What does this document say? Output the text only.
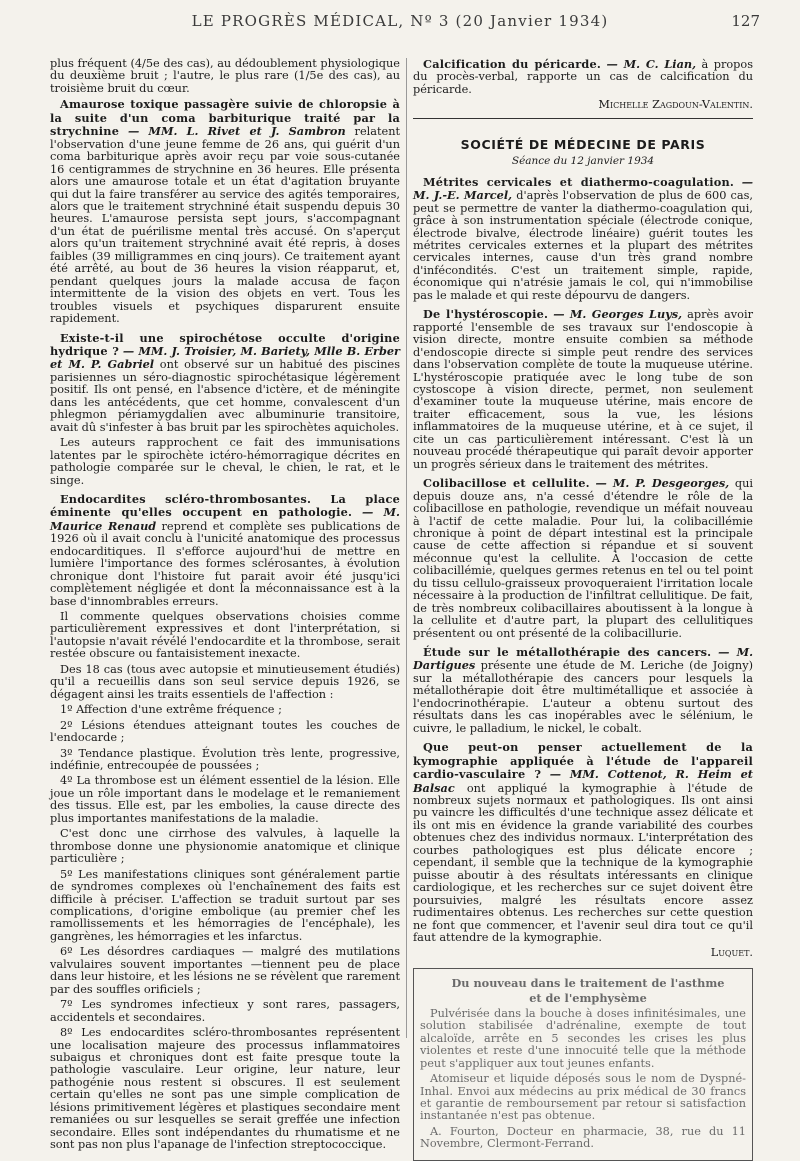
LE PROGRÈS MÉDICAL, Nº 3 (20 Janvier 1934)	127

plus fréquent (4/5e des cas), au dédoublement physiologique du deuxième bruit ; l'autre, le plus rare (1/5e des cas), au troisième bruit du cœur.

Amaurose toxique passagère suivie de chloropsie à la suite d'un coma barbiturique traité par la strychnine — MM. L. Rivet et J. Sambron relatent l'observation d'une jeune femme de 26 ans, qui guérit d'un coma barbiturique après avoir reçu par voie sous-cutanée 16 centigrammes de strychnine en 36 heures. Elle présenta alors une amaurose totale et un état d'agitation bruyante qui dut la faire transférer au service des agités temporaires, alors que le traitement strychniné était suspendu depuis 30 heures. L'amaurose persista sept jours, s'accompagnant d'un état de puérilisme mental très accusé. On s'aperçut alors qu'un traitement strychniné avait été repris, à doses faibles (39 milligrammes en cinq jours). Ce traitement ayant été arrêté, au bout de 36 heures la vision réapparut, et, pendant quelques jours la malade accusa de façon intermittente de la vision des objets en vert. Tous les troubles visuels et psychiques disparurent ensuite rapidement.

Existe-t-il une spirochétose occulte d'origine hydrique ? — MM. J. Troisier, M. Bariety, Mlle B. Erber et M. P. Gabriel ont observé sur un habitué des piscines parisiennes un séro-diagnostic spirochétasique légèrement positif. Ils ont pensé, en l'absence d'ictère, et de méningite dans les antécédents, que cet homme, convalescent d'un phlegmon périamygdalien avec albuminurie transitoire, avait dû s'infester à bas bruit par les spirochètes aquicholes.

Les auteurs rapprochent ce fait des immunisations latentes par le spirochète ictéro-hémorragique décrites en pathologie comparée sur le cheval, le chien, le rat, et le singe.

Endocardites scléro-thrombosantes. La place éminente qu'elles occupent en pathologie. — M. Maurice Renaud reprend et complète ses publications de 1926 où il avait conclu à l'unicité anatomique des processus endocarditiques. Il s'efforce aujourd'hui de mettre en lumière l'importance des formes sclérosantes, à évolution chronique dont l'histoire fut parait avoir été jusqu'ici complètement négligée et dont la méconnaissance est à la base d'innombrables erreurs.

Il commente quelques observations choisies comme particulièrement expressives et dont l'interprétation, si l'autopsie n'avait révélé l'endocardite et la thrombose, serait restée obscure ou fantaisistement inexacte.

Des 18 cas (tous avec autopsie et minutieusement étudiés) qu'il a recueillis dans son seul service depuis 1926, se dégagent ainsi les traits essentiels de l'affection :

1º Affection d'une extrême fréquence ;

2º Lésions étendues atteignant toutes les couches de l'endocarde ;

3º Tendance plastique. Évolution très lente, progressive, indéfinie, entrecoupée de poussées ;

4º La thrombose est un élément essentiel de la lésion. Elle joue un rôle important dans le modelage et le remaniement des tissus. Elle est, par les embolies, la cause directe des plus importantes manifestations de la maladie.

C'est donc une cirrhose des valvules, à laquelle la thrombose donne une physionomie anatomique et clinique particulière ;

5º Les manifestations cliniques sont généralement partie de syndromes complexes où l'enchaînement des faits est difficile à préciser. L'affection se traduit surtout par ses complications, d'origine embolique (au premier chef les ramollissements et les hémorragies de l'encéphale), les gangrènes, les hémorragies et les infarctus.

6º Les désordres cardiaques — malgré des mutilations valvulaires souvent importantes —tiennent peu de place dans leur histoire, et les lésions ne se révèlent que rarement par des souffles orificiels ;

7º Les syndromes infectieux y sont rares, passagers, accidentels et secondaires.

8º Les endocardites scléro-thrombosantes représentent une localisation majeure des processus inflammatoires subaigus et chroniques dont est faite presque toute la pathologie vasculaire. Leur origine, leur nature, leur pathogénie nous restent si obscures. Il est seulement certain qu'elles ne sont pas une simple complication de lésions primitivement légères et plastiques secondaire ment remaniées ou sur lesquelles se serait greffée une infection secondaire. Elles sont indépendantes du rhumatisme et ne sont pas non plus l'apanage de l'infection streptococcique.

Calcification du péricarde. — M. C. Lian, à propos du procès-verbal, rapporte un cas de calcification du péricarde.

Michelle Zagdoun-Valentin.

SOCIÉTÉ DE MÉDECINE DE PARIS
Séance du 12 janvier 1934

Métrites cervicales et diathermo-coagulation. — M. J.-E. Marcel, d'après l'observation de plus de 600 cas, peut se permettre de vanter la diathermo-coagulation qui, grâce à son instrumentation spéciale (électrode conique, électrode bivalve, électrode linéaire) guérit toutes les métrites cervicales externes et la plupart des métrites cervicales internes, cause d'un très grand nombre d'infécondités. C'est un traitement simple, rapide, économique qui n'atrésie jamais le col, qui n'immobilise pas le malade et qui reste dépourvu de dangers.

De l'hystéroscopie. — M. Georges Luys, après avoir rapporté l'ensemble de ses travaux sur l'endoscopie à vision directe, montre ensuite combien sa méthode d'endoscopie directe si simple peut rendre des services dans l'observation complète de toute la muqueuse utérine. L'hystéroscopie pratiquée avec le long tube de son cystoscope à vision directe, permet, non seulement d'examiner toute la muqueuse utérine, mais encore de traiter efficacement, sous la vue, les lésions inflammatoires de la muqueuse utérine, et à ce sujet, il cite un cas particulièrement intéressant. C'est là un nouveau procédé thérapeutique qui paraît devoir apporter un progrès sérieux dans le traitement des métrites.

Colibacillose et cellulite. — M. P. Desgeorges, qui depuis douze ans, n'a cessé d'étendre le rôle de la colibacillose en pathologie, revendique un méfait nouveau à l'actif de cette maladie. Pour lui, la colibacillémie chronique à point de départ intestinal est la principale cause de cette affection si répandue et si souvent méconnue qu'est la cellulite. À l'occasion de cette colibacillémie, quelques germes retenus en tel ou tel point du tissu cellulo-graisseux provoqueraient l'irritation locale nécessaire à la production de l'infiltrat cellulitique. De fait, de très nombreux colibacillaires aboutissent à la longue à la cellulite et d'autre part, la plupart des cellulitiques présentent ou ont présenté de la colibacillurie.

Étude sur le métallothérapie des cancers. — M. Dartigues présente une étude de M. Leriche (de Joigny) sur la métallothérapie des cancers pour lesquels la métallothérapie doit être multimétallique et associée à l'endocrinothérapie. L'auteur a obtenu surtout des résultats dans les cas inopérables avec le sélénium, le cuivre, le palladium, le nickel, le cobalt.

Que peut-on penser actuellement de la kymographie appliquée à l'étude de l'appareil cardio-vasculaire ? — MM. Cottenot, R. Heim et Balsac ont appliqué la kymographie à l'étude de nombreux sujets normaux et pathologiques. Ils ont ainsi pu vaincre les difficultés d'une technique assez délicate et ils ont mis en évidence la grande variabilité des courbes obtenues chez des individus normaux. L'interprétation des courbes pathologiques est plus délicate encore ; cependant, il semble que la technique de la kymographie puisse aboutir à des résultats intéressants en clinique cardiologique, et les recherches sur ce sujet doivent être poursuivies, malgré les résultats encore assez rudimentaires obtenus. Les recherches sur cette question ne font que commencer, et l'avenir seul dira tout ce qu'il faut attendre de la kymographie.

Luquet.

Du nouveau dans le traitement de l'asthme

et de l'emphysème

Pulvérisée dans la bouche à doses infinitésimales, une solution stabilisée d'adrénaline, exempte de tout alcaloïde, arrête en 5 secondes les crises les plus violentes et reste d'une innocuité telle que la méthode peut s'appliquer aux tout jeunes enfants.

Atomiseur et liquide déposés sous le nom de Dyspné-Inhal. Envoi aux médecins au prix médical de 30 francs et garantie de remboursement par retour si satisfaction instantanée n'est pas obtenue.

A. Fourton, Docteur en pharmacie, 38, rue du 11 Novembre, Clermont-Ferrand.
